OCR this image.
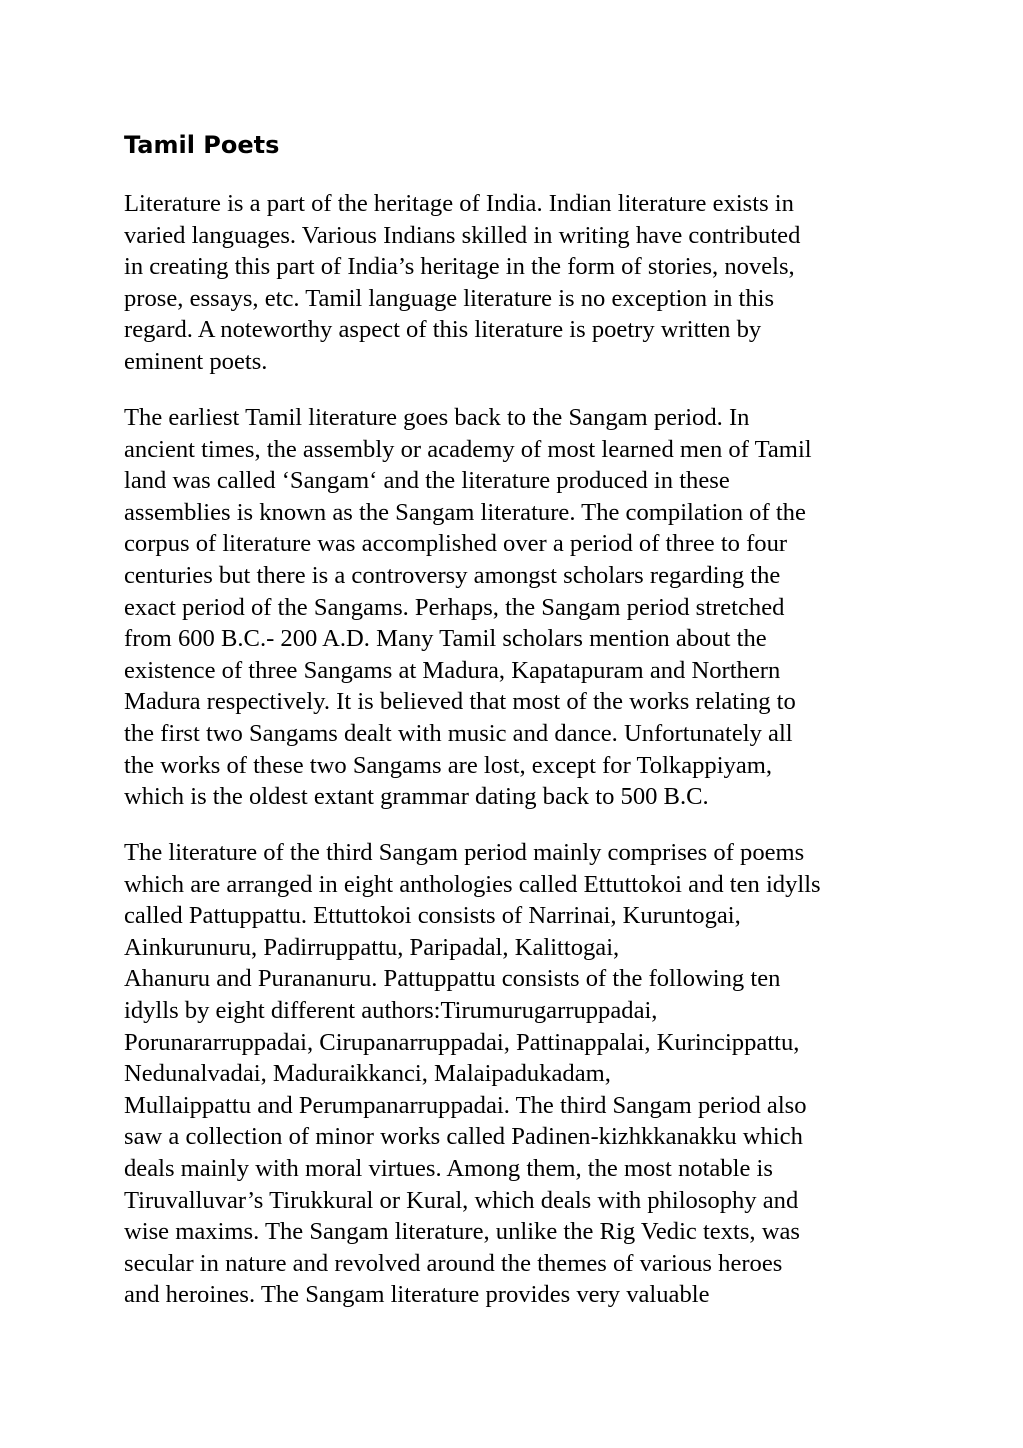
Tamil Poets
Literature is a part of the heritage of India. Indian literature exists in
varied languages. Various Indians skilled in writing have contributed
in creating this part of India’s heritage in the form of stories, novels,
prose, essays, etc. Tamil language literature is no exception in this
regard. A noteworthy aspect of this literature is poetry written by
eminent poets.
The earliest Tamil literature goes back to the Sangam period. In
ancient times, the assembly or academy of most learned men of Tamil
land was called ‘Sangam‘ and the literature produced in these
assemblies is known as the Sangam literature. The compilation of the
corpus of literature was accomplished over a period of three to four
centuries but there is a controversy amongst scholars regarding the
exact period of the Sangams. Perhaps, the Sangam period stretched
from 600 B.C.- 200 A.D. Many Tamil scholars mention about the
existence of three Sangams at Madura, Kapatapuram and Northern
Madura respectively. It is believed that most of the works relating to
the first two Sangams dealt with music and dance. Unfortunately all
the works of these two Sangams are lost, except for Tolkappiyam,
which is the oldest extant grammar dating back to 500 B.C.
The literature of the third Sangam period mainly comprises of poems
which are arranged in eight anthologies called Ettuttokoi and ten idylls
called Pattuppattu. Ettuttokoi consists of Narrinai, Kuruntogai,
Ainkurunuru, Padirruppattu, Paripadal, Kalittogai,
Ahanuru and Purananuru. Pattuppattu consists of the following ten
idylls by eight different authors:Tirumurugarruppadai,
Porunararruppadai, Cirupanarruppadai, Pattinappalai, Kurincippattu,
Nedunalvadai, Maduraikkanci, Malaipadukadam,
Mullaippattu and Perumpanarruppadai. The third Sangam period also
saw a collection of minor works called Padinen-kizhkkanakku which
deals mainly with moral virtues. Among them, the most notable is
Tiruvalluvar’s Tirukkural or Kural, which deals with philosophy and
wise maxims. The Sangam literature, unlike the Rig Vedic texts, was
secular in nature and revolved around the themes of various heroes
and heroines. The Sangam literature provides very valuable
